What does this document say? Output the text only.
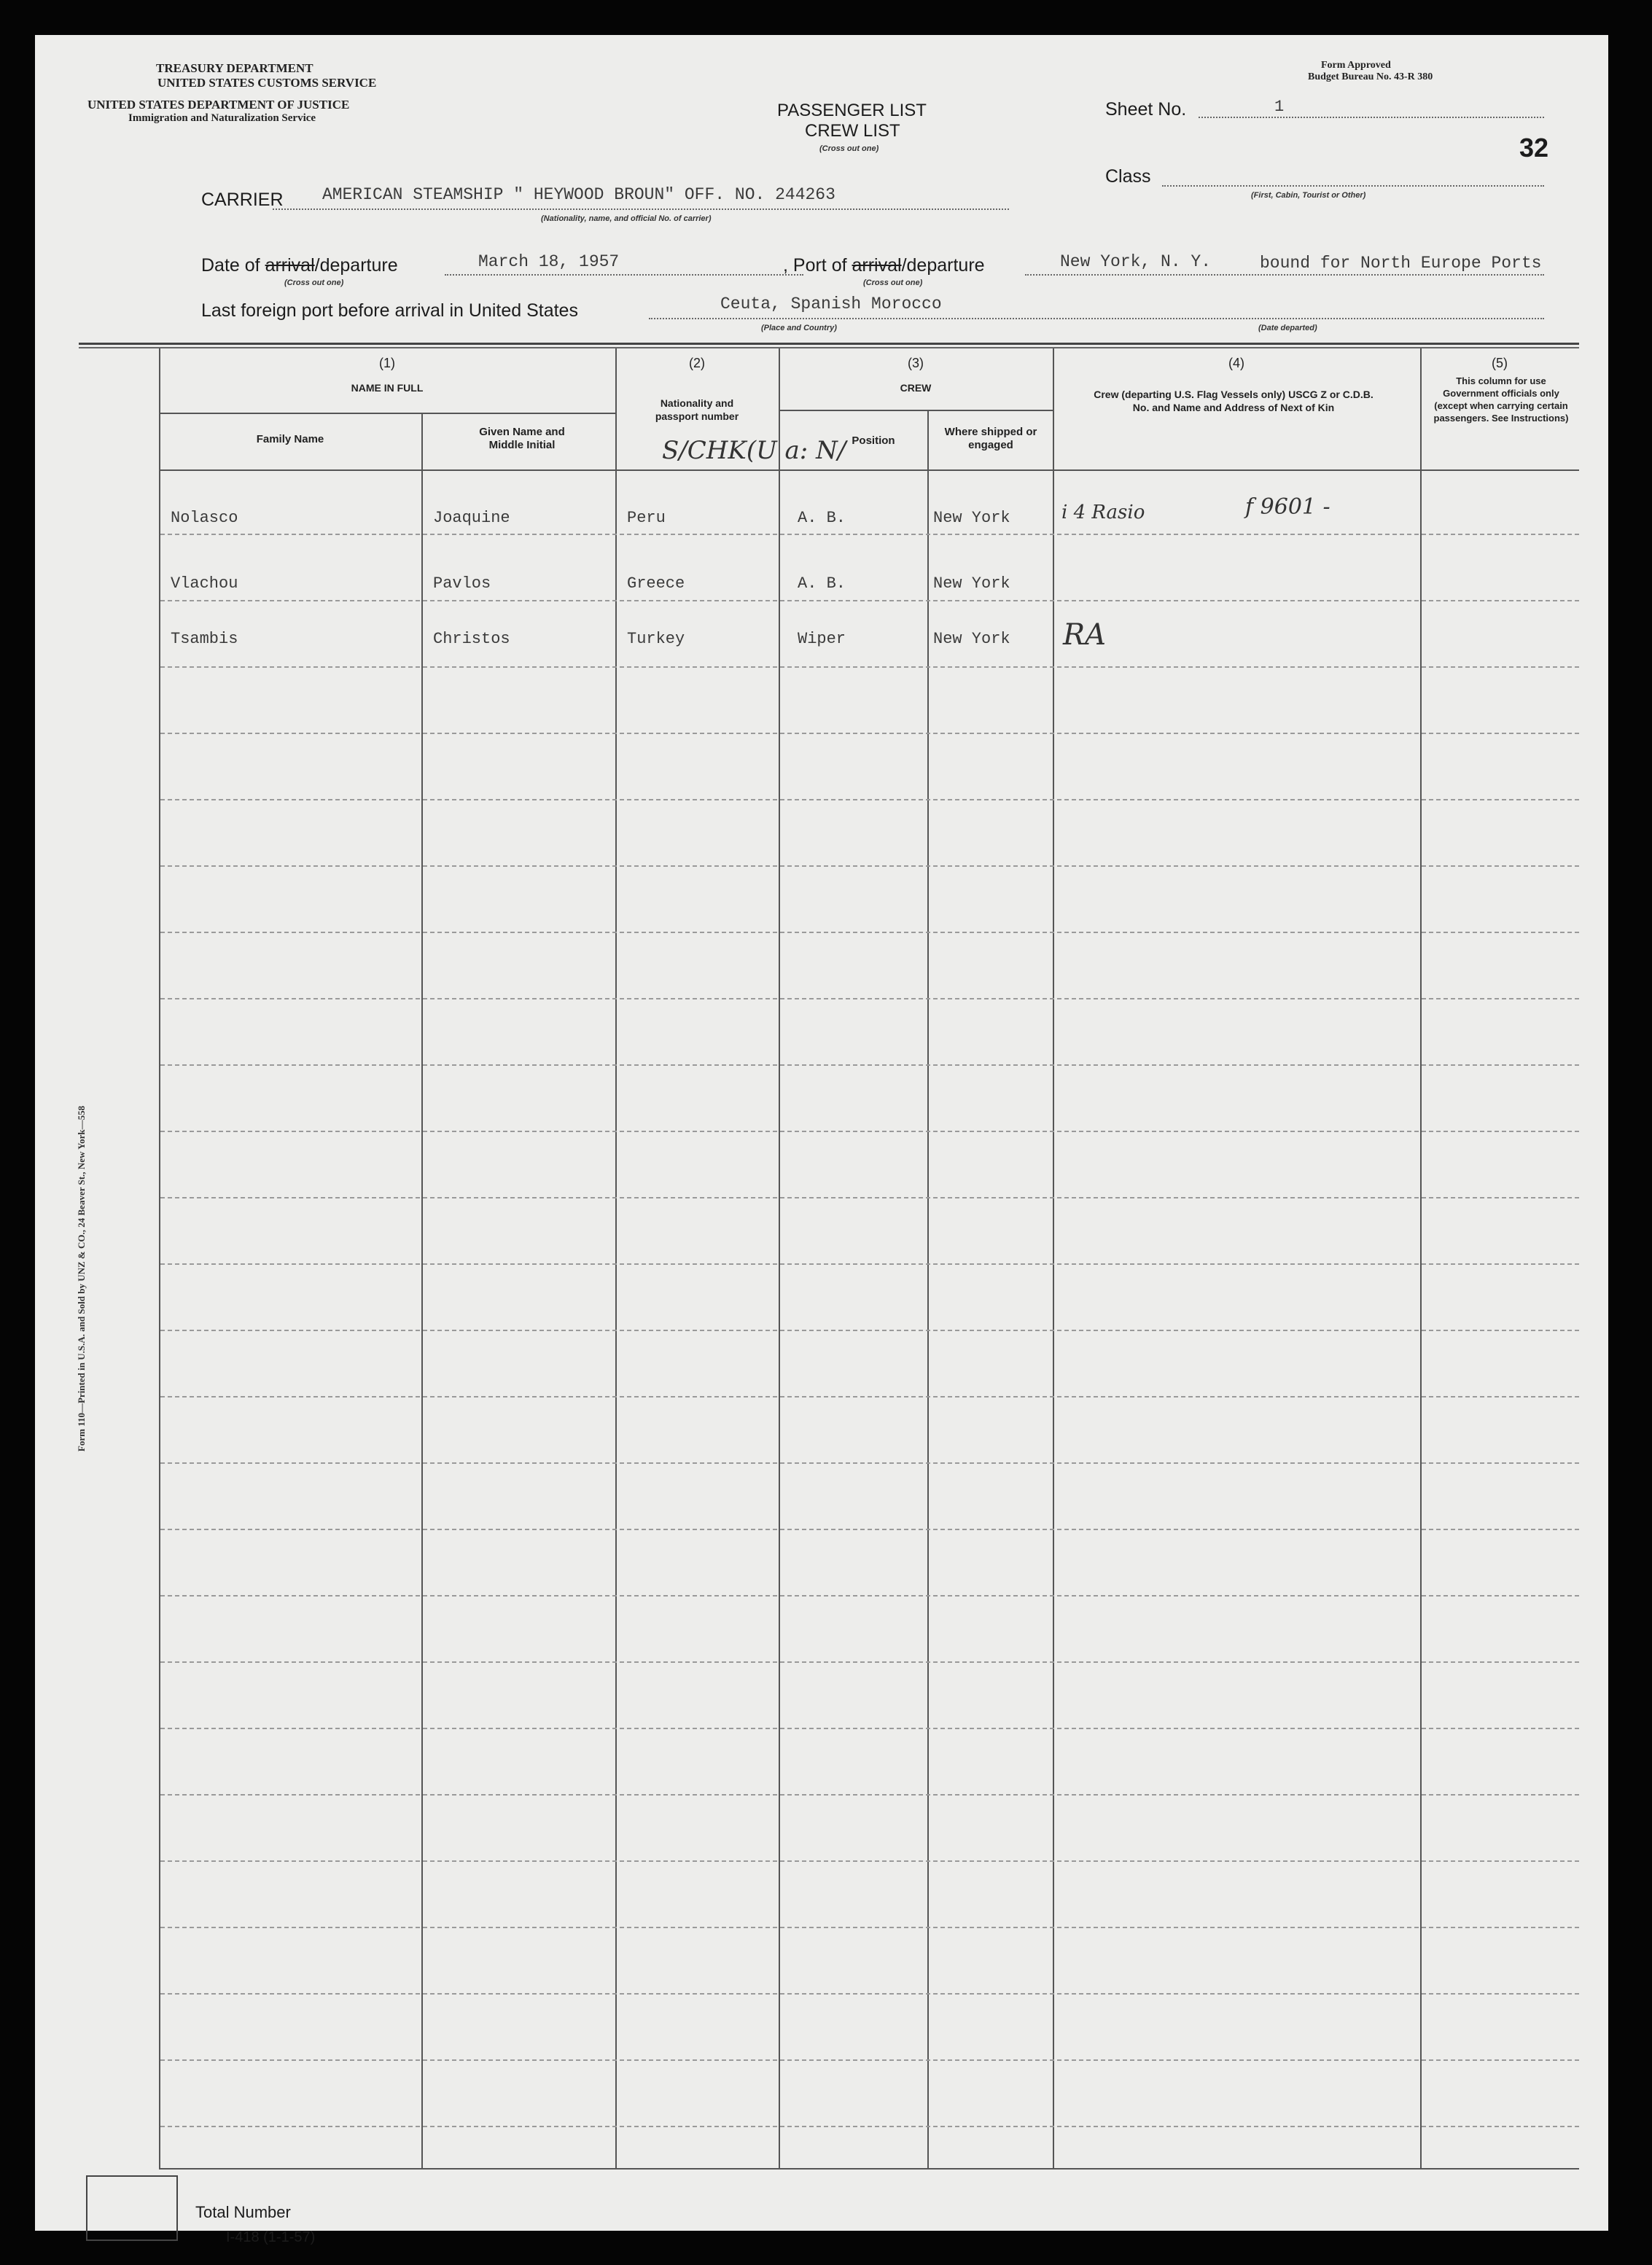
TREASURY DEPARTMENT
UNITED STATES CUSTOMS SERVICE
UNITED STATES DEPARTMENT OF JUSTICE
Immigration and Naturalization Service
Form Approved
Budget Bureau No. 43-R 380
PASSENGER LIST
CREW LIST
(Cross out one)
Sheet No.	1
32
Class
(First, Cabin, Tourist or Other)
CARRIER AMERICAN STEAMSHIP " HEYWOOD BROUN" OFF. NO. 244263
(Nationality, name, and official No. of carrier)
Date of arrival/departure
(Cross out one)
March 18, 1957	, Port of arrival/departure
(Cross out one)
New York, N. Y.	bound for North Europe Ports
Last foreign port before arrival in United States	Ceuta, Spanish Morocco
(Place and Country)	(Date departed)
(1)
NAME IN FULL
Family Name
Given Name and Middle Initial
(2)
Nationality and passport number
(3)
CREW
Position
Where shipped or engaged
(4)
Crew (departing U.S. Flag Vessels only) USCG Z or C.D.B. No. and Name and Address of Next of Kin
(5)
This column for use Government officials only (except when carrying certain passengers. See Instructions)
S/CHK(U a: N/
i 4 Rasio	f 9601 -
RA
Nolasco	Joaquine	Peru	A. B.	New York
Vlachou	Pavlos	Greece	A. B.	New York
Tsambis	Christos	Turkey	Wiper	New York
Form 110—Printed in U.S.A. and Sold by UNZ & CO., 24 Beaver St., New York—558
Total Number
I-418 (1-1-57)
